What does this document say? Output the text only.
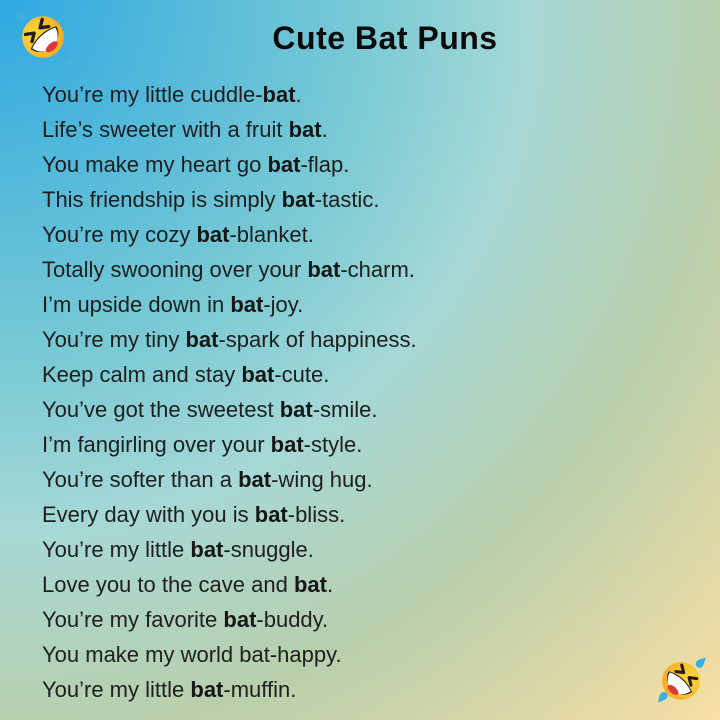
Cute Bat Puns
You’re my little cuddle-bat.
Life’s sweeter with a fruit bat.
You make my heart go bat-flap.
This friendship is simply bat-tastic.
You’re my cozy bat-blanket.
Totally swooning over your bat-charm.
I’m upside down in bat-joy.
You’re my tiny bat-spark of happiness.
Keep calm and stay bat-cute.
You’ve got the sweetest bat-smile.
I’m fangirling over your bat-style.
You’re softer than a bat-wing hug.
Every day with you is bat-bliss.
You’re my little bat-snuggle.
Love you to the cave and bat.
You’re my favorite bat-buddy.
You make my world bat-happy.
You’re my little bat-muffin.
